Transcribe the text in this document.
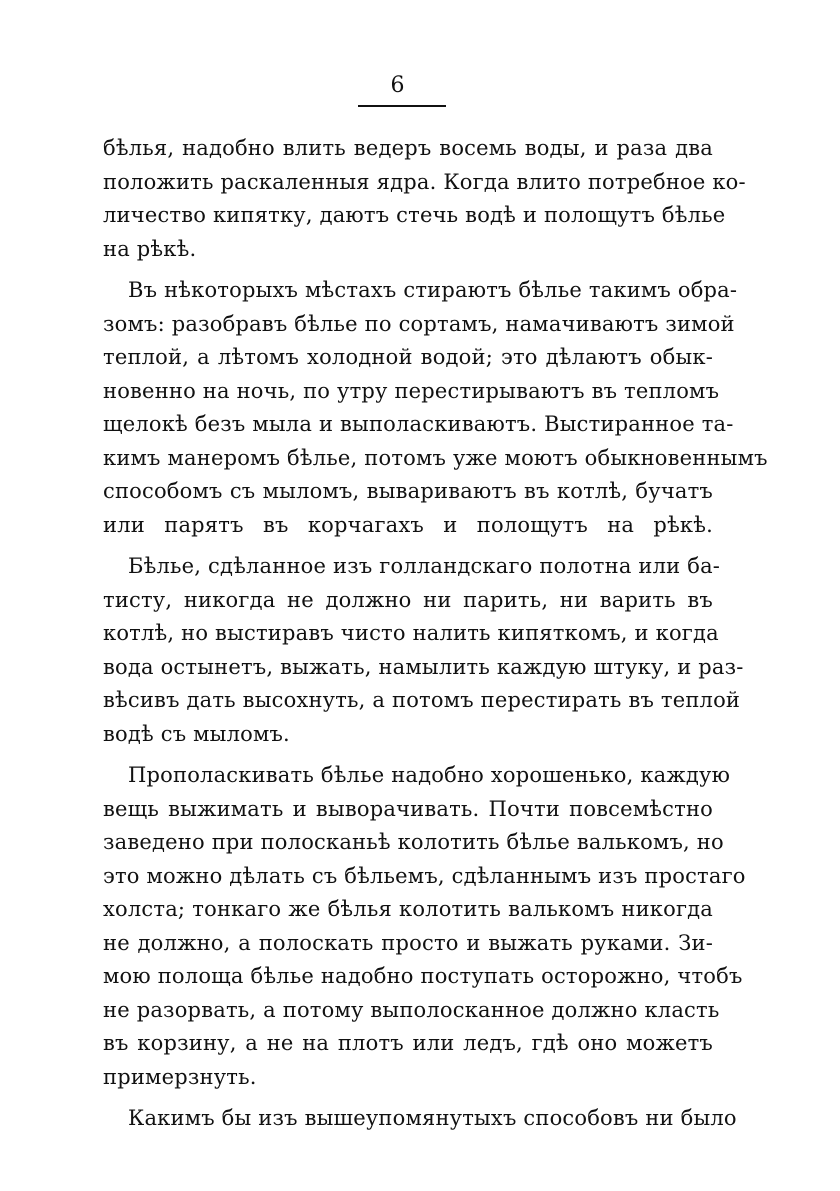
6
бѣлья, надобно влить ведеръ восемь воды, и раза два
положить раскаленныя ядра. Когда влито потребное ко-
личество кипятку, даютъ стечь водѣ и полощутъ бѣлье
на рѣкѣ.
Въ нѣкоторыхъ мѣстахъ стираютъ бѣлье такимъ обра-
зомъ: разобравъ бѣлье по сортамъ, намачиваютъ зимой
теплой, а лѣтомъ холодной водой; это дѣлаютъ обык-
новенно на ночь, по утру перестирываютъ въ тепломъ
щелокѣ безъ мыла и выполаскиваютъ. Выстиранное та-
кимъ манеромъ бѣлье, потомъ уже моютъ обыкновеннымъ
способомъ съ мыломъ, вывариваютъ въ котлѣ, бучатъ
или парятъ въ корчагахъ и полощутъ на рѣкѣ.
Бѣлье, сдѣланное изъ голландскаго полотна или ба-
тисту, никогда не должно ни парить, ни варить въ
котлѣ, но выстиравъ чисто налить кипяткомъ, и когда
вода остынетъ, выжать, намылить каждую штуку, и раз-
вѣсивъ дать высохнуть, а потомъ перестирать въ теплой
водѣ съ мыломъ.
Прополаскивать бѣлье надобно хорошенько, каждую
вещь выжимать и выворачивать. Почти повсемѣстно
заведено при полосканьѣ колотить бѣлье валькомъ, но
это можно дѣлать съ бѣльемъ, сдѣланнымъ изъ простаго
холста; тонкаго же бѣлья колотить валькомъ никогда
не должно, а полоскать просто и выжать руками. Зи-
мою полоща бѣлье надобно поступать осторожно, чтобъ
не разорвать, а потому выполосканное должно класть
въ корзину, а не на плотъ или ледъ, гдѣ оно можетъ
примерзнуть.
Какимъ бы изъ вышеупомянутыхъ способовъ ни было
